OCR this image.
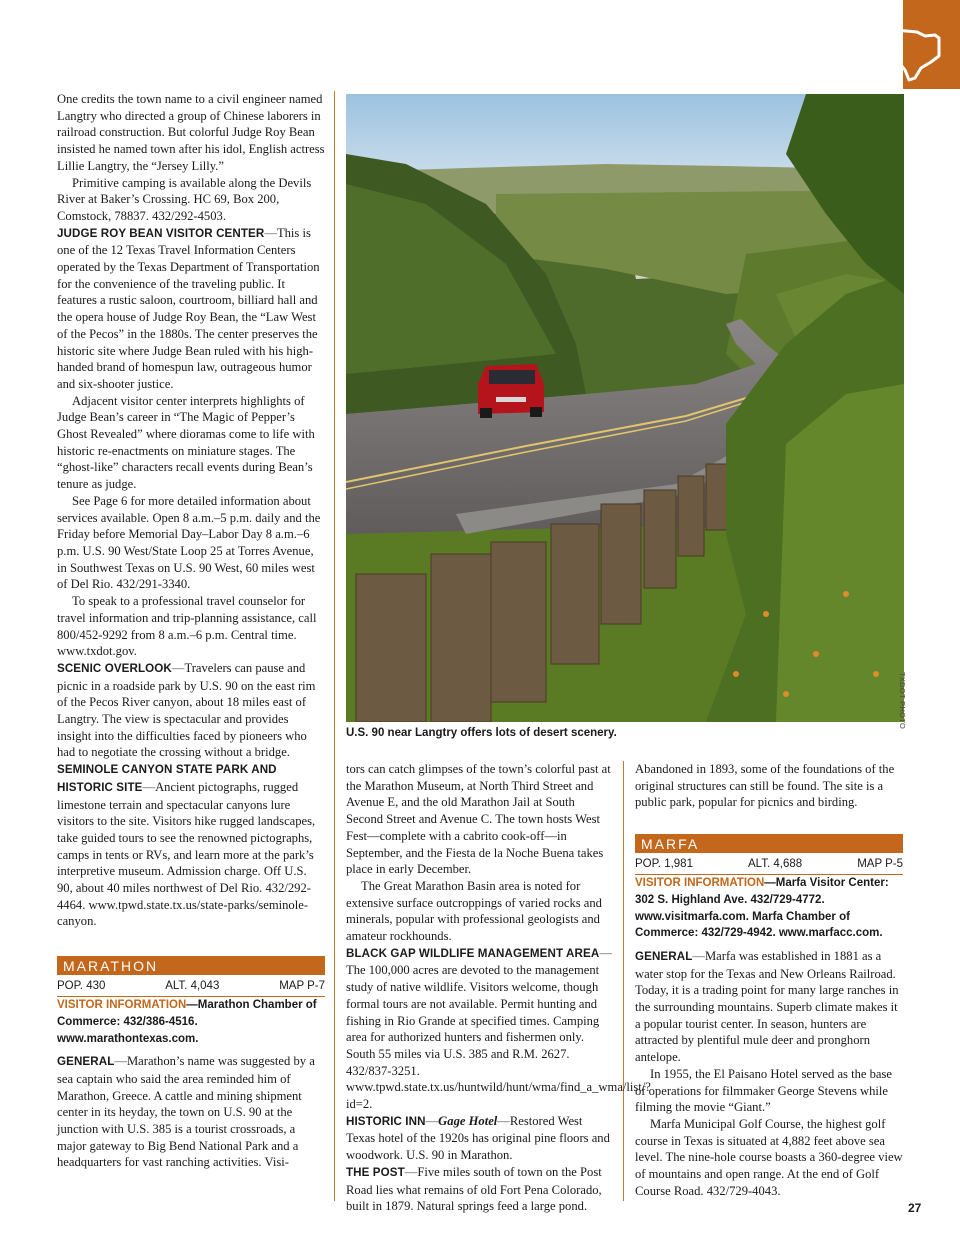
One credits the town name to a civil engineer named Langtry who directed a group of Chinese laborers in railroad construction. But colorful Judge Roy Bean insisted he named town after his idol, English actress Lillie Langtry, the “Jersey Lilly.”

Primitive camping is available along the Devils River at Baker’s Crossing. HC 69, Box 200, Comstock, 78837. 432/292-4503.

JUDGE ROY BEAN VISITOR CENTER—This is one of the 12 Texas Travel Information Centers operated by the Texas Department of Transportation for the convenience of the traveling public. It features a rustic saloon, courtroom, billiard hall and the opera house of Judge Roy Bean, the “Law West of the Pecos” in the 1880s. The center preserves the historic site where Judge Bean ruled with his high-handed brand of homespun law, outrageous humor and six-shooter justice.

Adjacent visitor center interprets highlights of Judge Bean’s career in “The Magic of Pepper’s Ghost Revealed” where dioramas come to life with historic re-enactments on miniature stages. The “ghost-like” characters recall events during Bean’s tenure as judge.

See Page 6 for more detailed information about services available. Open 8 a.m.–5 p.m. daily and the Friday before Memorial Day–Labor Day 8 a.m.–6 p.m. U.S. 90 West/State Loop 25 at Torres Avenue, in Southwest Texas on U.S. 90 West, 60 miles west of Del Rio. 432/291-3340.

To speak to a professional travel counselor for travel information and trip-planning assistance, call 800/452-9292 from 8 a.m.–6 p.m. Central time. www.txdot.gov.

SCENIC OVERLOOK—Travelers can pause and picnic in a roadside park by U.S. 90 on the east rim of the Pecos River canyon, about 18 miles east of Langtry. The view is spectacular and provides insight into the difficulties faced by pioneers who had to negotiate the crossing without a bridge.

SEMINOLE CANYON STATE PARK AND HISTORIC SITE—Ancient pictographs, rugged limestone terrain and spectacular canyons lure visitors to the site. Visitors hike rugged landscapes, take guided tours to see the renowned pictographs, camps in tents or RVs, and learn more at the park’s interpretive museum. Admission charge. Off U.S. 90, about 40 miles northwest of Del Rio. 432/292-4464. www.tpwd.state.tx.us/state-parks/seminole-canyon.

MARATHON
POP. 430	ALT. 4,043	MAP P-7

VISITOR INFORMATION—Marathon Chamber of Commerce: 432/386-4516. www.marathontexas.com.

GENERAL—Marathon’s name was suggested by a sea captain who said the area reminded him of Marathon, Greece. A cattle and mining shipment center in its heyday, the town on U.S. 90 at the junction with U.S. 385 is a tourist crossroads, a major gateway to Big Bend National Park and a headquarters for vast ranching activities. Visi-

TXDOT PHOTO
U.S. 90 near Langtry offers lots of desert scenery.

tors can catch glimpses of the town’s colorful past at the Marathon Museum, at North Third Street and Avenue E, and the old Marathon Jail at South Second Street and Avenue C. The town hosts West Fest—complete with a cabrito cook-off—in September, and the Fiesta de la Noche Buena takes place in early December.

The Great Marathon Basin area is noted for extensive surface outcroppings of varied rocks and minerals, popular with professional geologists and amateur rockhounds.

BLACK GAP WILDLIFE MANAGEMENT AREA—The 100,000 acres are devoted to the management study of native wildlife. Visitors welcome, though formal tours are not available. Permit hunting and fishing in Rio Grande at specified times. Camping area for authorized hunters and fishermen only. South 55 miles via U.S. 385 and R.M. 2627. 432/837-3251. www.tpwd.state.tx.us/huntwild/hunt/wma/find_a_wma/list/?id=2.

HISTORIC INN—Gage Hotel—Restored West Texas hotel of the 1920s has original pine floors and woodwork. U.S. 90 in Marathon.

THE POST—Five miles south of town on the Post Road lies what remains of old Fort Pena Colorado, built in 1879. Natural springs feed a large pond.

Abandoned in 1893, some of the foundations of the original structures can still be found. The site is a public park, popular for picnics and birding.

MARFA
POP. 1,981	ALT. 4,688	MAP P-5

VISITOR INFORMATION—Marfa Visitor Center: 302 S. Highland Ave. 432/729-4772. www.visitmarfa.com. Marfa Chamber of Commerce: 432/729-4942. www.marfacc.com.

GENERAL—Marfa was established in 1881 as a water stop for the Texas and New Orleans Railroad. Today, it is a trading point for many large ranches in the surrounding mountains. Superb climate makes it a popular tourist center. In season, hunters are attracted by plentiful mule deer and pronghorn antelope.

In 1955, the El Paisano Hotel served as the base of operations for filmmaker George Stevens while filming the movie “Giant.”

Marfa Municipal Golf Course, the highest golf course in Texas is situated at 4,882 feet above sea level. The nine-hole course boasts a 360-degree view of mountains and open range. At the end of Golf Course Road. 432/729-4043.

27
